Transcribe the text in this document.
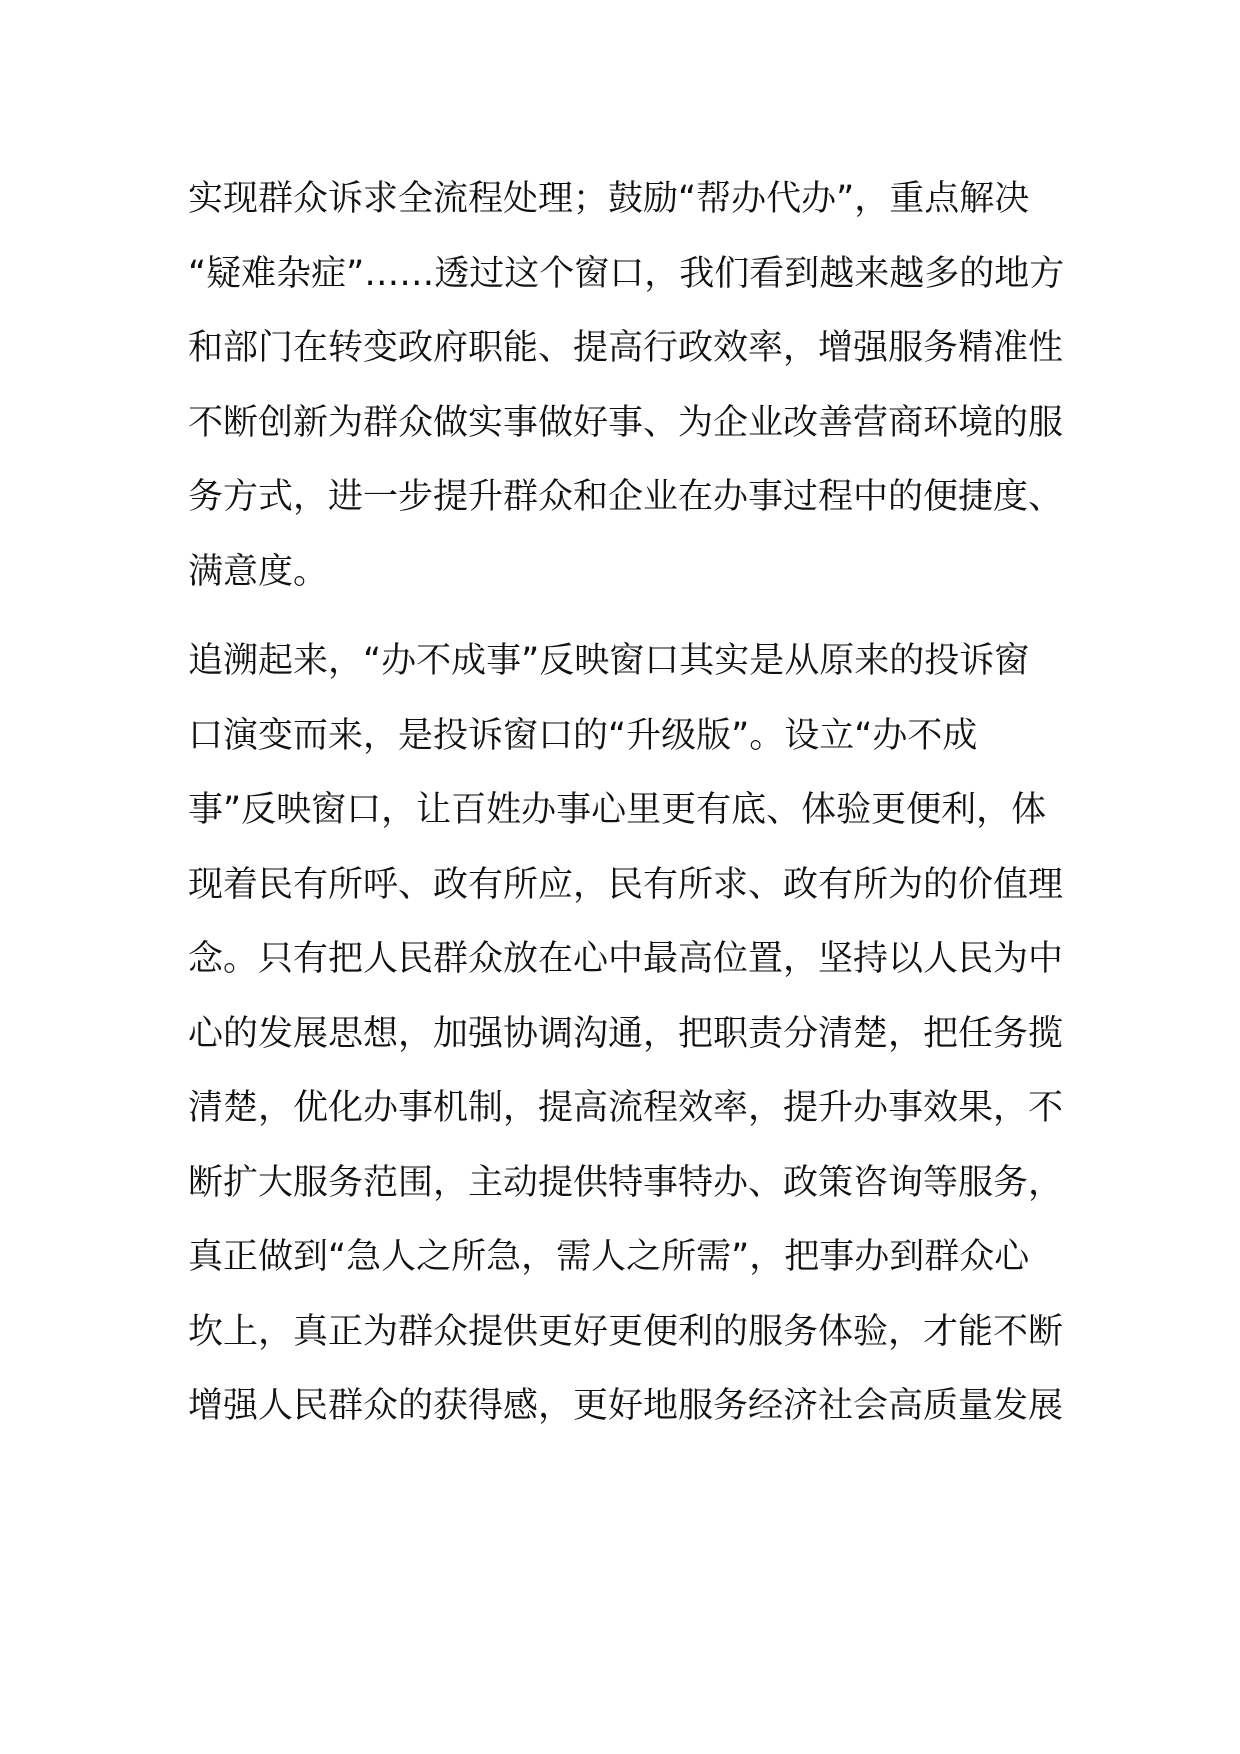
实现群众诉求全流程处理；鼓励“帮办代办”，重点解决
“疑难杂症”……透过这个窗口，我们看到越来越多的地方
和部门在转变政府职能、提高行政效率，增强服务精准性
不断创新为群众做实事做好事、为企业改善营商环境的服
务方式，进一步提升群众和企业在办事过程中的便捷度、
满意度。
追溯起来，“办不成事”反映窗口其实是从原来的投诉窗
口演变而来，是投诉窗口的“升级版”。设立“办不成
事”反映窗口，让百姓办事心里更有底、体验更便利，体
现着民有所呼、政有所应，民有所求、政有所为的价值理
念。只有把人民群众放在心中最高位置，坚持以人民为中
心的发展思想，加强协调沟通，把职责分清楚，把任务揽
清楚，优化办事机制，提高流程效率，提升办事效果，不
断扩大服务范围，主动提供特事特办、政策咨询等服务，
真正做到“急人之所急，需人之所需”，把事办到群众心
坎上，真正为群众提供更好更便利的服务体验，才能不断
增强人民群众的获得感，更好地服务经济社会高质量发展
